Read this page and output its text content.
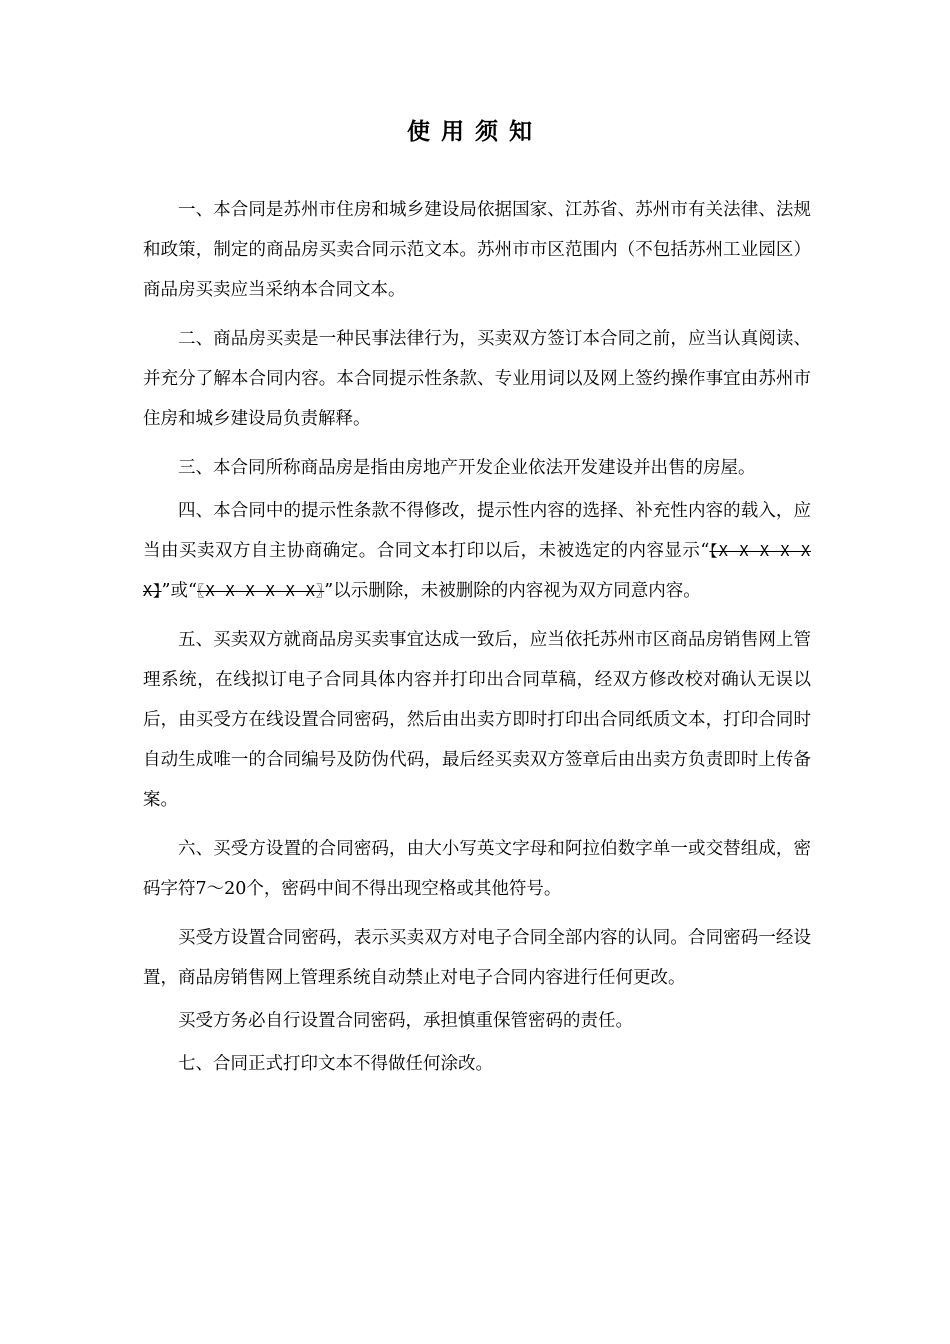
使用须知

一、本合同是苏州市住房和城乡建设局依据国家、江苏省、苏州市有关法律、法规和政策，制定的商品房买卖合同示范文本。苏州市市区范围内（不包括苏州工业园区）商品房买卖应当采纳本合同文本。

二、商品房买卖是一种民事法律行为，买卖双方签订本合同之前，应当认真阅读、并充分了解本合同内容。本合同提示性条款、专业用词以及网上签约操作事宜由苏州市住房和城乡建设局负责解释。

三、本合同所称商品房是指由房地产开发企业依法开发建设并出售的房屋。

四、本合同中的提示性条款不得修改，提示性内容的选择、补充性内容的载入，应当由买卖双方自主协商确定。合同文本打印以后，未被选定的内容显示“【X X X X X X】”或“〖X X X X X X〗”以示删除，未被删除的内容视为双方同意内容。

五、买卖双方就商品房买卖事宜达成一致后，应当依托苏州市区商品房销售网上管理系统，在线拟订电子合同具体内容并打印出合同草稿，经双方修改校对确认无误以后，由买受方在线设置合同密码，然后由出卖方即时打印出合同纸质文本，打印合同时自动生成唯一的合同编号及防伪代码，最后经买卖双方签章后由出卖方负责即时上传备案。

六、买受方设置的合同密码，由大小写英文字母和阿拉伯数字单一或交替组成，密码字符7～20个，密码中间不得出现空格或其他符号。

买受方设置合同密码，表示买卖双方对电子合同全部内容的认同。合同密码一经设置，商品房销售网上管理系统自动禁止对电子合同内容进行任何更改。

买受方务必自行设置合同密码，承担慎重保管密码的责任。

七、合同正式打印文本不得做任何涂改。
